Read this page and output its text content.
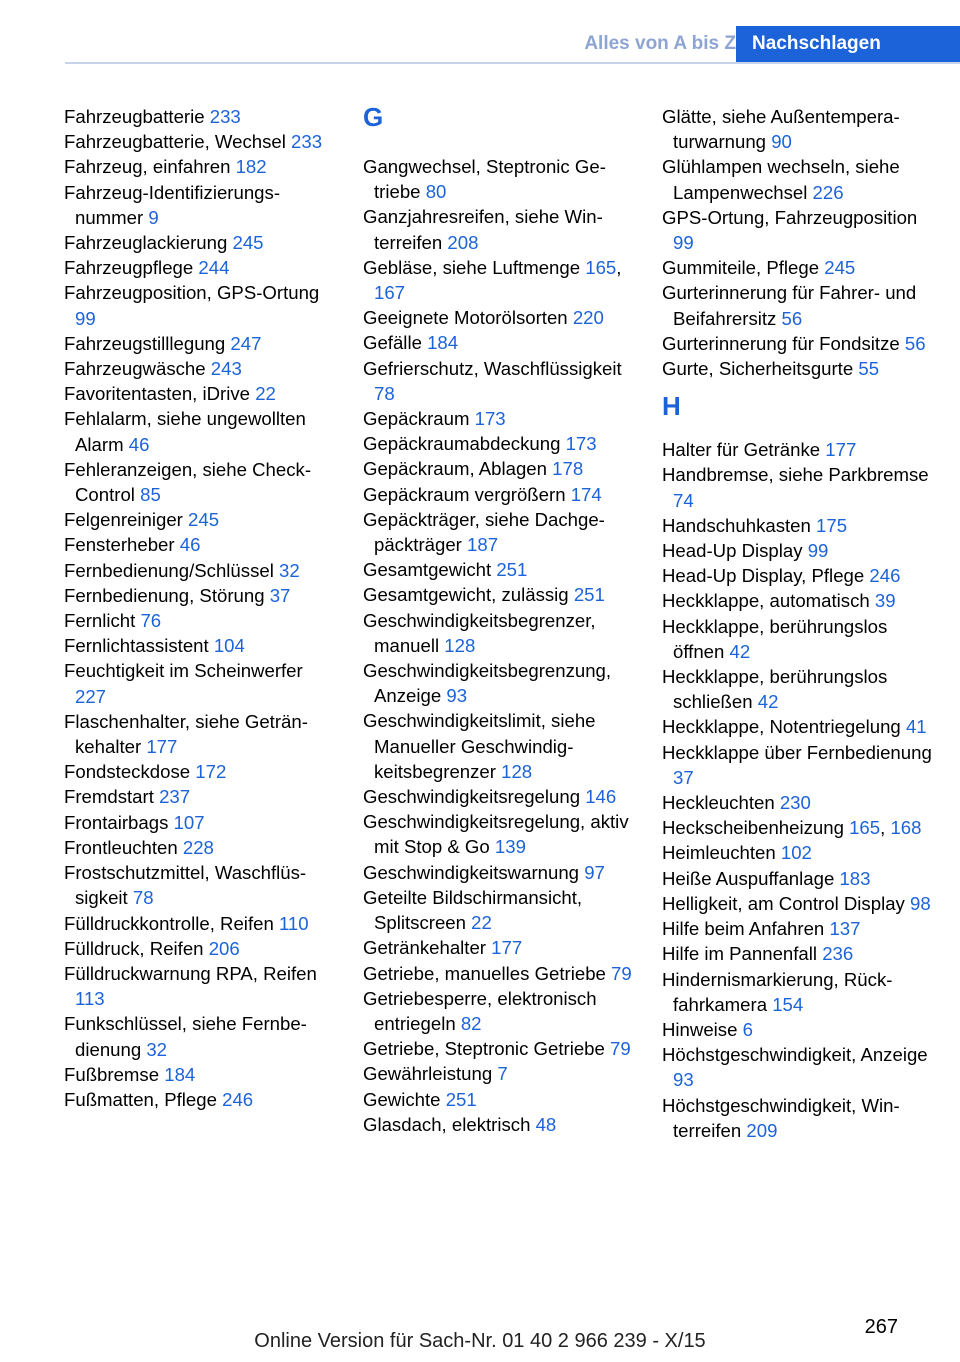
Alles von A bis Z Nachschlagen
Fahrzeugbatterie 233
Fahrzeugbatterie, Wechsel 233
Fahrzeug, einfahren 182
Fahrzeug-Identifizierungsnummer 9
Fahrzeuglackierung 245
Fahrzeugpflege 244
Fahrzeugposition, GPS-Ortung 99
Fahrzeugstilllegung 247
Fahrzeugwäsche 243
Favoritentasten, iDrive 22
Fehlalarm, siehe ungewollten Alarm 46
Fehleranzeigen, siehe Check-Control 85
Felgenreiniger 245
Fensterheber 46
Fernbedienung/Schlüssel 32
Fernbedienung, Störung 37
Fernlicht 76
Fernlichtassistent 104
Feuchtigkeit im Scheinwerfer 227
Flaschenhalter, siehe Getränkehalter 177
Fondsteckdose 172
Fremdstart 237
Frontairbags 107
Frontleuchten 228
Frostschutzmittel, Waschflüssigkeit 78
Fülldruckkontrolle, Reifen 110
Fülldruck, Reifen 206
Fülldruckwarnung RPA, Reifen 113
Funkschlüssel, siehe Fernbedienung 32
Fußbremse 184
Fußmatten, Pflege 246
G
Gangwechsel, Steptronic Getriebe 80
Ganzjahresreifen, siehe Winterreifen 208
Gebläse, siehe Luftmenge 165, 167
Geeignete Motorölsorten 220
Gefälle 184
Gefrierschutz, Waschflüssigkeit 78
Gepäckraum 173
Gepäckraumabdeckung 173
Gepäckraum, Ablagen 178
Gepäckraum vergrößern 174
Gepäckträger, siehe Dachgepäckträger 187
Gesamtgewicht 251
Gesamtgewicht, zulässig 251
Geschwindigkeitsbegrenzer, manuell 128
Geschwindigkeitsbegrenzung, Anzeige 93
Geschwindigkeitslimit, siehe Manueller Geschwindigkeitsbegrenzer 128
Geschwindigkeitsregelung 146
Geschwindigkeitsregelung, aktiv mit Stop & Go 139
Geschwindigkeitswarnung 97
Geteilte Bildschirmansicht, Splitscreen 22
Getränkehalter 177
Getriebe, manuelles Getriebe 79
Getriebesperre, elektronisch entriegeln 82
Getriebe, Steptronic Getriebe 79
Gewährleistung 7
Gewichte 251
Glasdach, elektrisch 48
Glätte, siehe Außentemperaturwarnung 90
Glühlampen wechseln, siehe Lampenwechsel 226
GPS-Ortung, Fahrzeugposition 99
Gummiteile, Pflege 245
Gurterinnerung für Fahrer- und Beifahrersitz 56
Gurterinnerung für Fondsitze 56
Gurte, Sicherheitsgurte 55
H
Halter für Getränke 177
Handbremse, siehe Parkbremse 74
Handschuhkasten 175
Head-Up Display 99
Head-Up Display, Pflege 246
Heckklappe, automatisch 39
Heckklappe, berührungslos öffnen 42
Heckklappe, berührungslos schließen 42
Heckklappe, Notentriegelung 41
Heckklappe über Fernbedienung 37
Heckleuchten 230
Heckscheibenheizung 165, 168
Heimleuchten 102
Heiße Auspuffanlage 183
Helligkeit, am Control Display 98
Hilfe beim Anfahren 137
Hilfe im Pannenfall 236
Hindernismarkierung, Rückfahrkamera 154
Hinweise 6
Höchstgeschwindigkeit, Anzeige 93
Höchstgeschwindigkeit, Winterreifen 209
267
Online Version für Sach-Nr. 01 40 2 966 239 - X/15
